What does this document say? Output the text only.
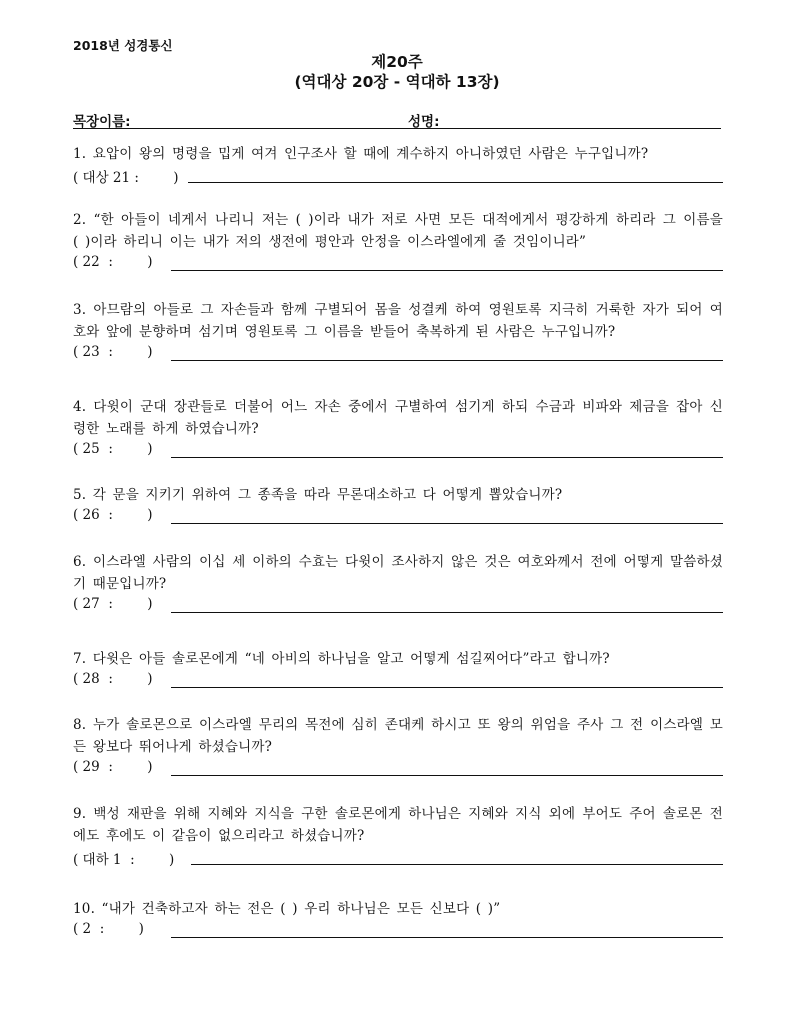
2018년 성경통신
제20주
(역대상 20장 - 역대하 13장)
목장이름:	성명:
1. 요압이 왕의 명령을 밉게 여겨 인구조사 할 때에 계수하지 아니하였던 사람은 누구입니까?
( 대상 21 :        )
2. “한 아들이 네게서 나리니 저는 ( )이라 내가 저로 사면 모든 대적에게서 평강하게 하리라 그 이름을 ( )이라 하리니 이는 내가 저의 생전에 평안과 안정을 이스라엘에게 줄 것임이니라”
( 22  :        )
3. 아므람의 아들로 그 자손들과 함께 구별되어 몸을 성결케 하여 영원토록 지극히 거룩한 자가 되어 여호와 앞에 분향하며 섬기며 영원토록 그 이름을 받들어 축복하게 된 사람은 누구입니까?
( 23  :        )
4. 다윗이 군대 장관들로 더불어 어느 자손 중에서 구별하여 섬기게 하되 수금과 비파와 제금을 잡아 신령한 노래를 하게 하였습니까?
( 25  :        )
5. 각 문을 지키기 위하여 그 종족을 따라 무론대소하고 다 어떻게 뽑았습니까?
( 26  :        )
6. 이스라엘 사람의 이십 세 이하의 수효는 다윗이 조사하지 않은 것은 여호와께서 전에 어떻게 말씀하셨기 때문입니까?
( 27  :        )
7. 다윗은 아들 솔로몬에게 “네 아비의 하나님을 알고 어떻게 섬길찌어다”라고 합니까?
( 28  :        )
8. 누가 솔로몬으로 이스라엘 무리의 목전에 심히 존대케 하시고 또 왕의 위엄을 주사 그 전 이스라엘 모든 왕보다 뛰어나게 하셨습니까?
( 29  :        )
9. 백성 재판을 위해 지혜와 지식을 구한 솔로몬에게 하나님은 지혜와 지식 외에 부어도 주어 솔로몬 전에도 후에도 이 같음이 없으리라고 하셨습니까?
( 대하 1  :        )
10. “내가 건축하고자 하는 전은 ( ) 우리 하나님은 모든 신보다 ( )”
( 2  :        )
